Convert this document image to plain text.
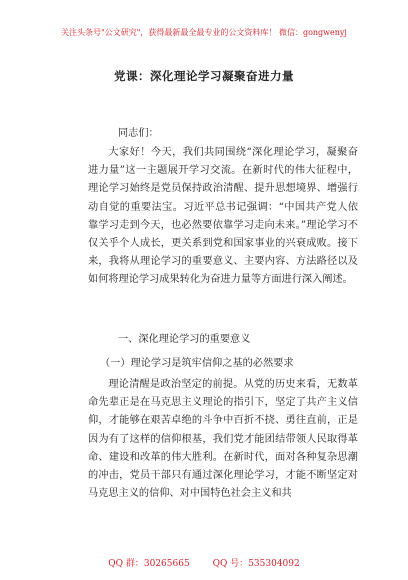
关注头条号"公文研究"，获得最新最全最专业的公文资料库！ 微信：gongwenyj
党课：深化理论学习凝聚奋进力量
同志们：

大家好！今天，我们共同围绕“深化理论学习，凝聚奋进力量”这一主题展开学习交流。在新时代的伟大征程中，理论学习始终是党员保持政治清醒、提升思想境界、增强行动自觉的重要法宝。习近平总书记强调：“中国共产党人依靠学习走到今天，也必然要依靠学习走向未来。”理论学习不仅关乎个人成长，更关系到党和国家事业的兴衰成败。接下来，我将从理论学习的重要意义、主要内容、方法路径以及如何将理论学习成果转化为奋进力量等方面进行深入阐述。

一、深化理论学习的重要意义
（一）理论学习是筑牢信仰之基的必然要求

理论清醒是政治坚定的前提。从党的历史来看，无数革命先辈正是在马克思主义理论的指引下，坚定了共产主义信仰，才能够在艰苦卓绝的斗争中百折不挠、勇往直前，正是因为有了这样的信仰根基，我们党才能团结带领人民取得革命、建设和改革的伟大胜利。在新时代，面对各种复杂思潮的冲击，党员干部只有通过深化理论学习，才能不断坚定对马克思主义的信仰、对中国特色社会主义和共

QQ 群：30265665	QQ 号：535304092
